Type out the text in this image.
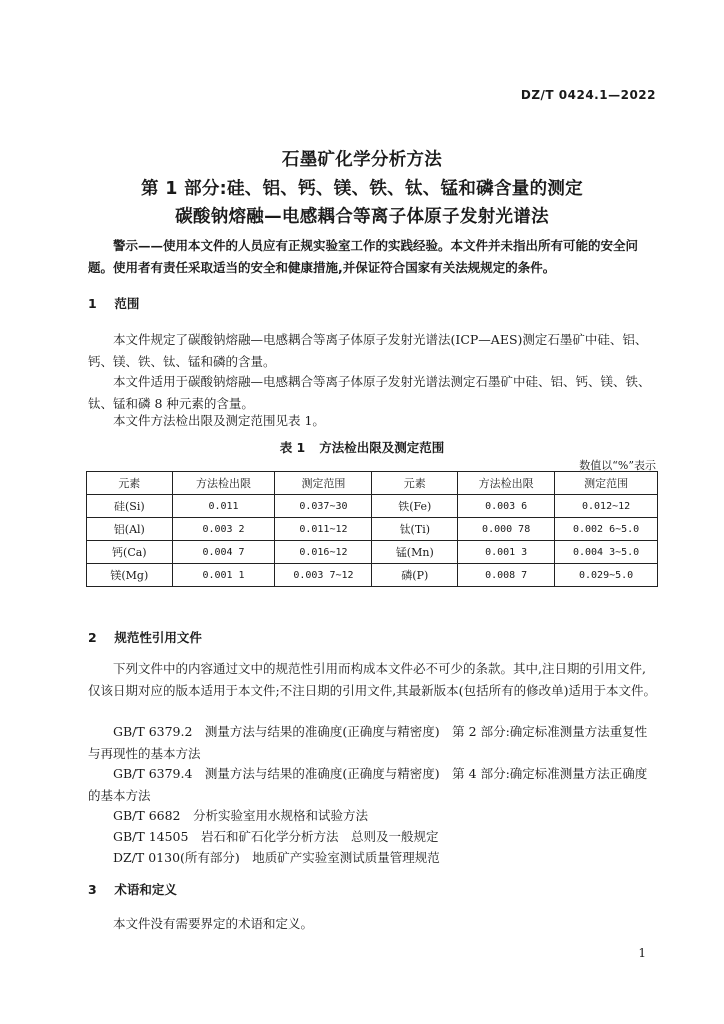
DZ/T 0424.1—2022
石墨矿化学分析方法
第 1 部分:硅、铝、钙、镁、铁、钛、锰和磷含量的测定
碳酸钠熔融—电感耦合等离子体原子发射光谱法
警示——使用本文件的人员应有正规实验室工作的实践经验。本文件并未指出所有可能的安全问题。使用者有责任采取适当的安全和健康措施,并保证符合国家有关法规规定的条件。
1 范围
本文件规定了碳酸钠熔融—电感耦合等离子体原子发射光谱法(ICP—AES)测定石墨矿中硅、铝、钙、镁、铁、钛、锰和磷的含量。
本文件适用于碳酸钠熔融—电感耦合等离子体原子发射光谱法测定石墨矿中硅、铝、钙、镁、铁、钛、锰和磷 8 种元素的含量。
本文件方法检出限及测定范围见表 1。
表 1 方法检出限及测定范围
数值以“%”表示
元素	方法检出限	测定范围	元素	方法检出限	测定范围
硅(Si)	0.011	0.037~30	铁(Fe)	0.003 6	0.012~12
铝(Al)	0.003 2	0.011~12	钛(Ti)	0.000 78	0.002 6~5.0
钙(Ca)	0.004 7	0.016~12	锰(Mn)	0.001 3	0.004 3~5.0
镁(Mg)	0.001 1	0.003 7~12	磷(P)	0.008 7	0.029~5.0
2 规范性引用文件
下列文件中的内容通过文中的规范性引用而构成本文件必不可少的条款。其中,注日期的引用文件,仅该日期对应的版本适用于本文件;不注日期的引用文件,其最新版本(包括所有的修改单)适用于本文件。
GB/T 6379.2　测量方法与结果的准确度(正确度与精密度)　第 2 部分:确定标准测量方法重复性与再现性的基本方法
GB/T 6379.4　测量方法与结果的准确度(正确度与精密度)　第 4 部分:确定标准测量方法正确度的基本方法
GB/T 6682　分析实验室用水规格和试验方法
GB/T 14505　岩石和矿石化学分析方法　总则及一般规定
DZ/T 0130(所有部分)　地质矿产实验室测试质量管理规范
3 术语和定义
本文件没有需要界定的术语和定义。
1
